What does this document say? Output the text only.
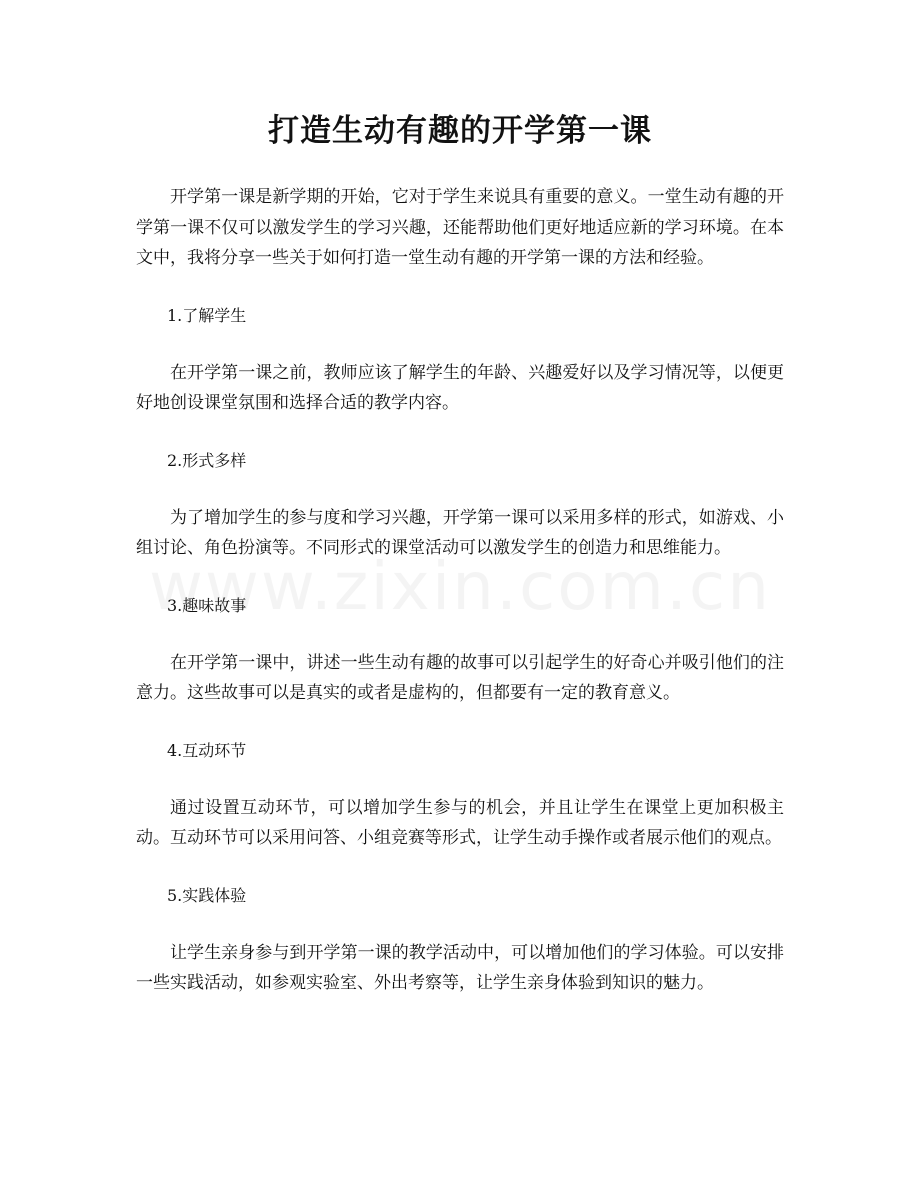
打造生动有趣的开学第一课

开学第一课是新学期的开始，它对于学生来说具有重要的意义。一堂生动有趣的开学第一课不仅可以激发学生的学习兴趣，还能帮助他们更好地适应新的学习环境。在本文中，我将分享一些关于如何打造一堂生动有趣的开学第一课的方法和经验。

1.了解学生

在开学第一课之前，教师应该了解学生的年龄、兴趣爱好以及学习情况等，以便更好地创设课堂氛围和选择合适的教学内容。

2.形式多样

为了增加学生的参与度和学习兴趣，开学第一课可以采用多样的形式，如游戏、小组讨论、角色扮演等。不同形式的课堂活动可以激发学生的创造力和思维能力。

3.趣味故事

在开学第一课中，讲述一些生动有趣的故事可以引起学生的好奇心并吸引他们的注意力。这些故事可以是真实的或者是虚构的，但都要有一定的教育意义。

4.互动环节

通过设置互动环节，可以增加学生参与的机会，并且让学生在课堂上更加积极主动。互动环节可以采用问答、小组竞赛等形式，让学生动手操作或者展示他们的观点。

5.实践体验

让学生亲身参与到开学第一课的教学活动中，可以增加他们的学习体验。可以安排一些实践活动，如参观实验室、外出考察等，让学生亲身体验到知识的魅力。
